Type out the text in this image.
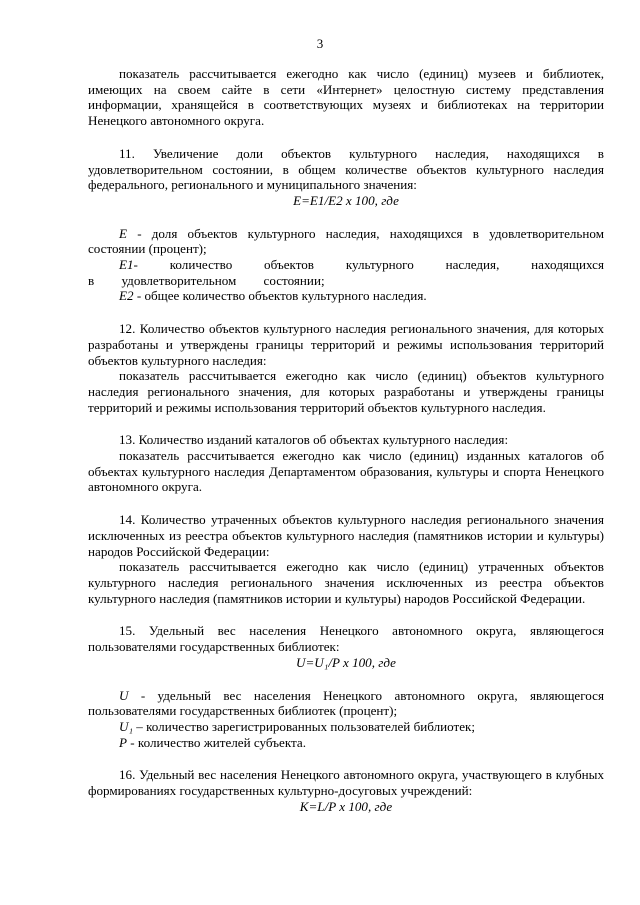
3

показатель рассчитывается ежегодно как число (единиц) музеев и библиотек, имеющих на своем сайте в сети «Интернет» целостную систему представления информации, хранящейся в соответствующих музеях и библиотеках на территории Ненецкого автономного округа.

11. Увеличение доли объектов культурного наследия, находящихся в удовлетворительном состоянии, в общем количестве объектов культурного наследия федерального, регионального и муниципального значения:

E=E1/E2 x 100, где

E - доля объектов культурного наследия, находящихся в удовлетворительном состоянии (процент);

E1- количество объектов культурного наследия, находящихся в удовлетворительном состоянии;

E2 - общее количество объектов культурного наследия.

12. Количество объектов культурного наследия регионального значения, для которых разработаны и утверждены границы территорий и режимы использования территорий объектов культурного наследия:

показатель рассчитывается ежегодно как число (единиц) объектов культурного наследия регионального значения, для которых разработаны и утверждены границы территорий и режимы использования территорий объектов культурного наследия.

13. Количество изданий каталогов об объектах культурного наследия:

показатель рассчитывается ежегодно как число (единиц) изданных каталогов об объектах культурного наследия Департаментом образования, культуры и спорта Ненецкого автономного округа.

14. Количество утраченных объектов культурного наследия регионального значения исключенных из реестра объектов культурного наследия (памятников истории и культуры) народов Российской Федерации:

показатель рассчитывается ежегодно как число (единиц) утраченных объектов культурного наследия регионального значения исключенных из реестра объектов культурного наследия (памятников истории и культуры) народов Российской Федерации.

15. Удельный вес населения Ненецкого автономного округа, являющегося пользователями государственных библиотек:

U=U₁/P x 100, где

U - удельный вес населения Ненецкого автономного округа, являющегося пользователями государственных библиотек (процент);

U₁ – количество зарегистрированных пользователей библиотек;

P - количество жителей субъекта.

16. Удельный вес населения Ненецкого автономного округа, участвующего в клубных формированиях государственных культурно-досуговых учреждений:

K=L/P x 100, где
